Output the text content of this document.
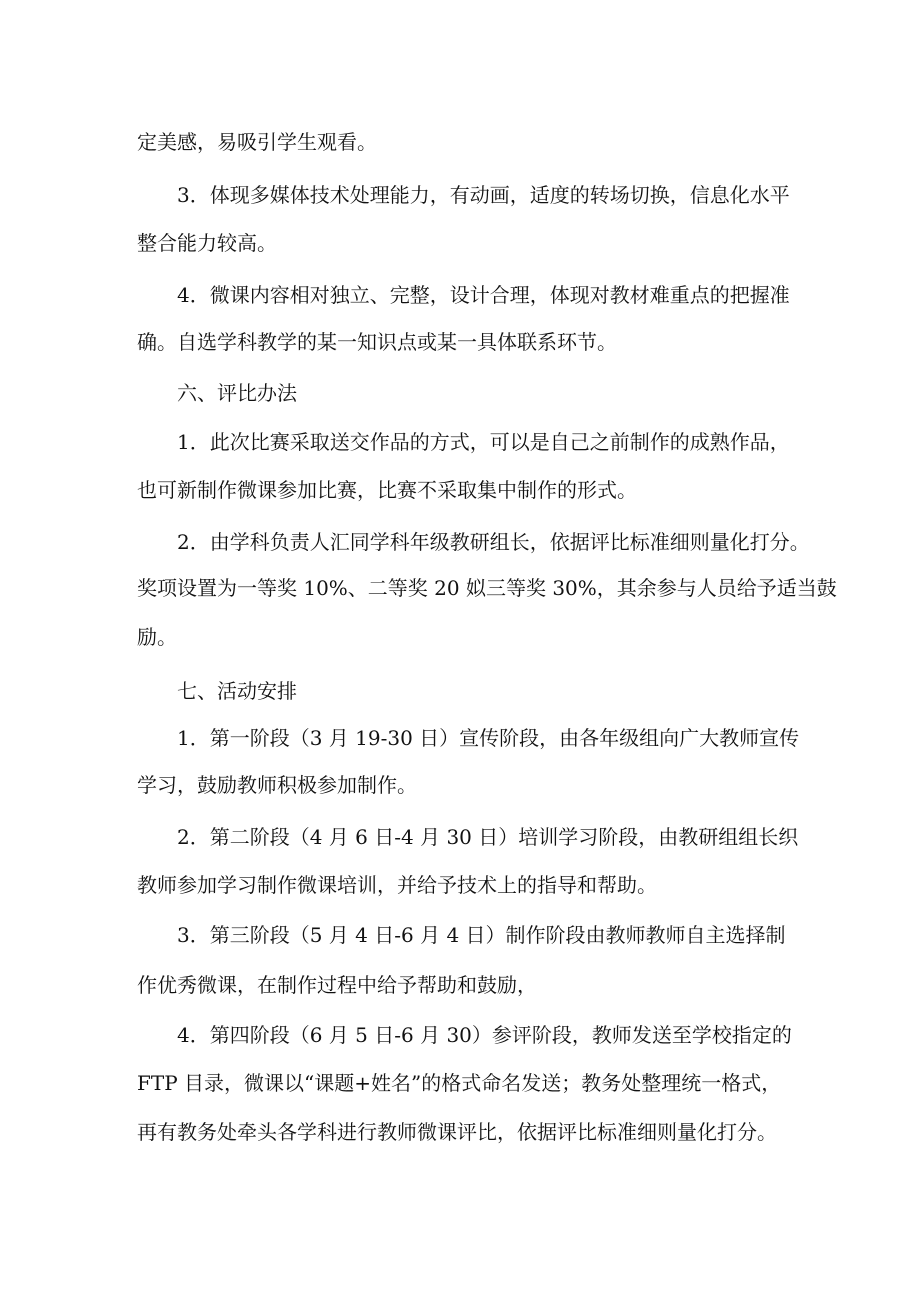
定美感，易吸引学生观看。
3．体现多媒体技术处理能力，有动画，适度的转场切换，信息化水平
整合能力较高。
4．微课内容相对独立、完整，设计合理，体现对教材难重点的把握准
确。自选学科教学的某一知识点或某一具体联系环节。
六、评比办法
1．此次比赛采取送交作品的方式，可以是自己之前制作的成熟作品，
也可新制作微课参加比赛，比赛不采取集中制作的形式。
2．由学科负责人汇同学科年级教研组长，依据评比标准细则量化打分。
奖项设置为一等奖 10%、二等奖 20 姒三等奖 30%，其余参与人员给予适当鼓
励。
七、活动安排
1．第一阶段（3 月 19-30 日）宣传阶段，由各年级组向广大教师宣传
学习，鼓励教师积极参加制作。
2．第二阶段（4 月 6 日-4 月 30 日）培训学习阶段，由教研组组长织
教师参加学习制作微课培训，并给予技术上的指导和帮助。
3．第三阶段（5 月 4 日-6 月 4 日）制作阶段由教师教师自主选择制
作优秀微课，在制作过程中给予帮助和鼓励，
4．第四阶段（6 月 5 日-6 月 30）参评阶段，教师发送至学校指定的
FTP 目录，微课以“课题+姓名”的格式命名发送；教务处整理统一格式，
再有教务处牵头各学科进行教师微课评比，依据评比标准细则量化打分。
